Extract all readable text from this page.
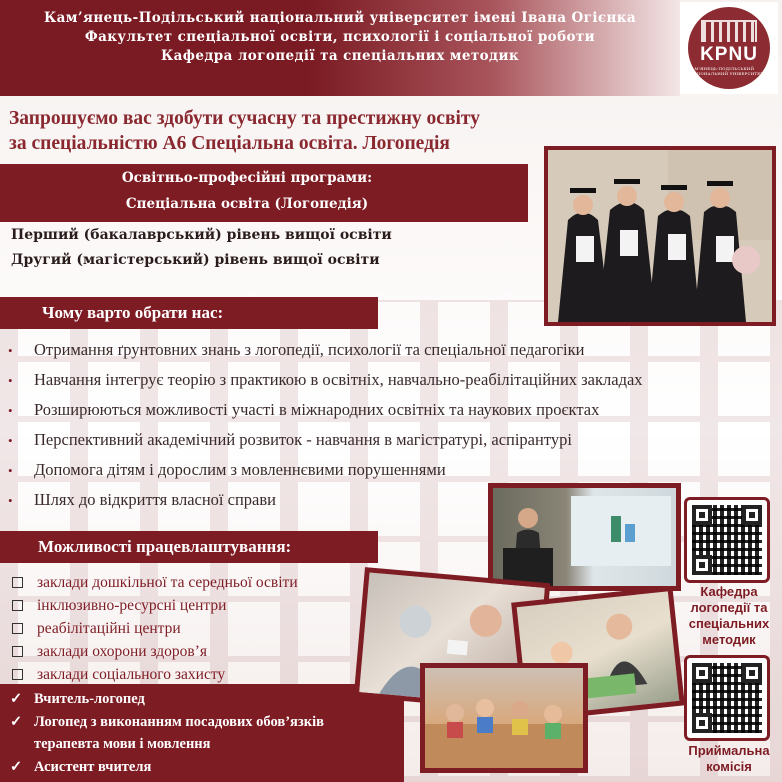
Кам’янець-Подільський національний університет імені Івана Огієнка
Факультет спеціальної освіти, психології і соціальної роботи
Кафедра логопедії та спеціальних методик	KPNU
КАМ'ЯНЕЦЬ-ПОДІЛЬСЬКИЙ НАЦІОНАЛЬНИЙ УНІВЕРСИТЕТ
Запрошуємо вас здобути сучасну та престижну освіту
за спеціальністю А6 Спеціальна освіта. Логопедія
Освітньо-професійні програми:
Спеціальна освіта (Логопедія)
Перший (бакалаврський) рівень вищої освіти
Другий (магістерський) рівень вищої освіти
Чому варто обрати нас:
• Отримання ґрунтовних знань з логопедії, психології та спеціальної педагогіки
• Навчання інтегрує теорію з практикою в освітніх, навчально-реабілітаційних закладах
• Розширюються можливості участі в міжнародних освітніх та наукових проєктах
• Перспективний академічний розвиток - навчання в магістратурі, аспірантурі
• Допомога дітям і дорослим з мовленнєвими порушеннями
• Шлях до відкриття власної справи
Можливості працевлаштування:
заклади дошкільної та середньої освіти
інклюзивно-ресурсні центри
реабілітаційні центри
заклади охорони здоров’я
заклади соціального захисту
✓ Вчитель-логопед
✓ Логопед з виконанням посадових обов’язків
терапевта мови і мовлення
✓ Асистент вчителя
Кафедра
логопедії та
спеціальних
методик
Приймальна
комісія
